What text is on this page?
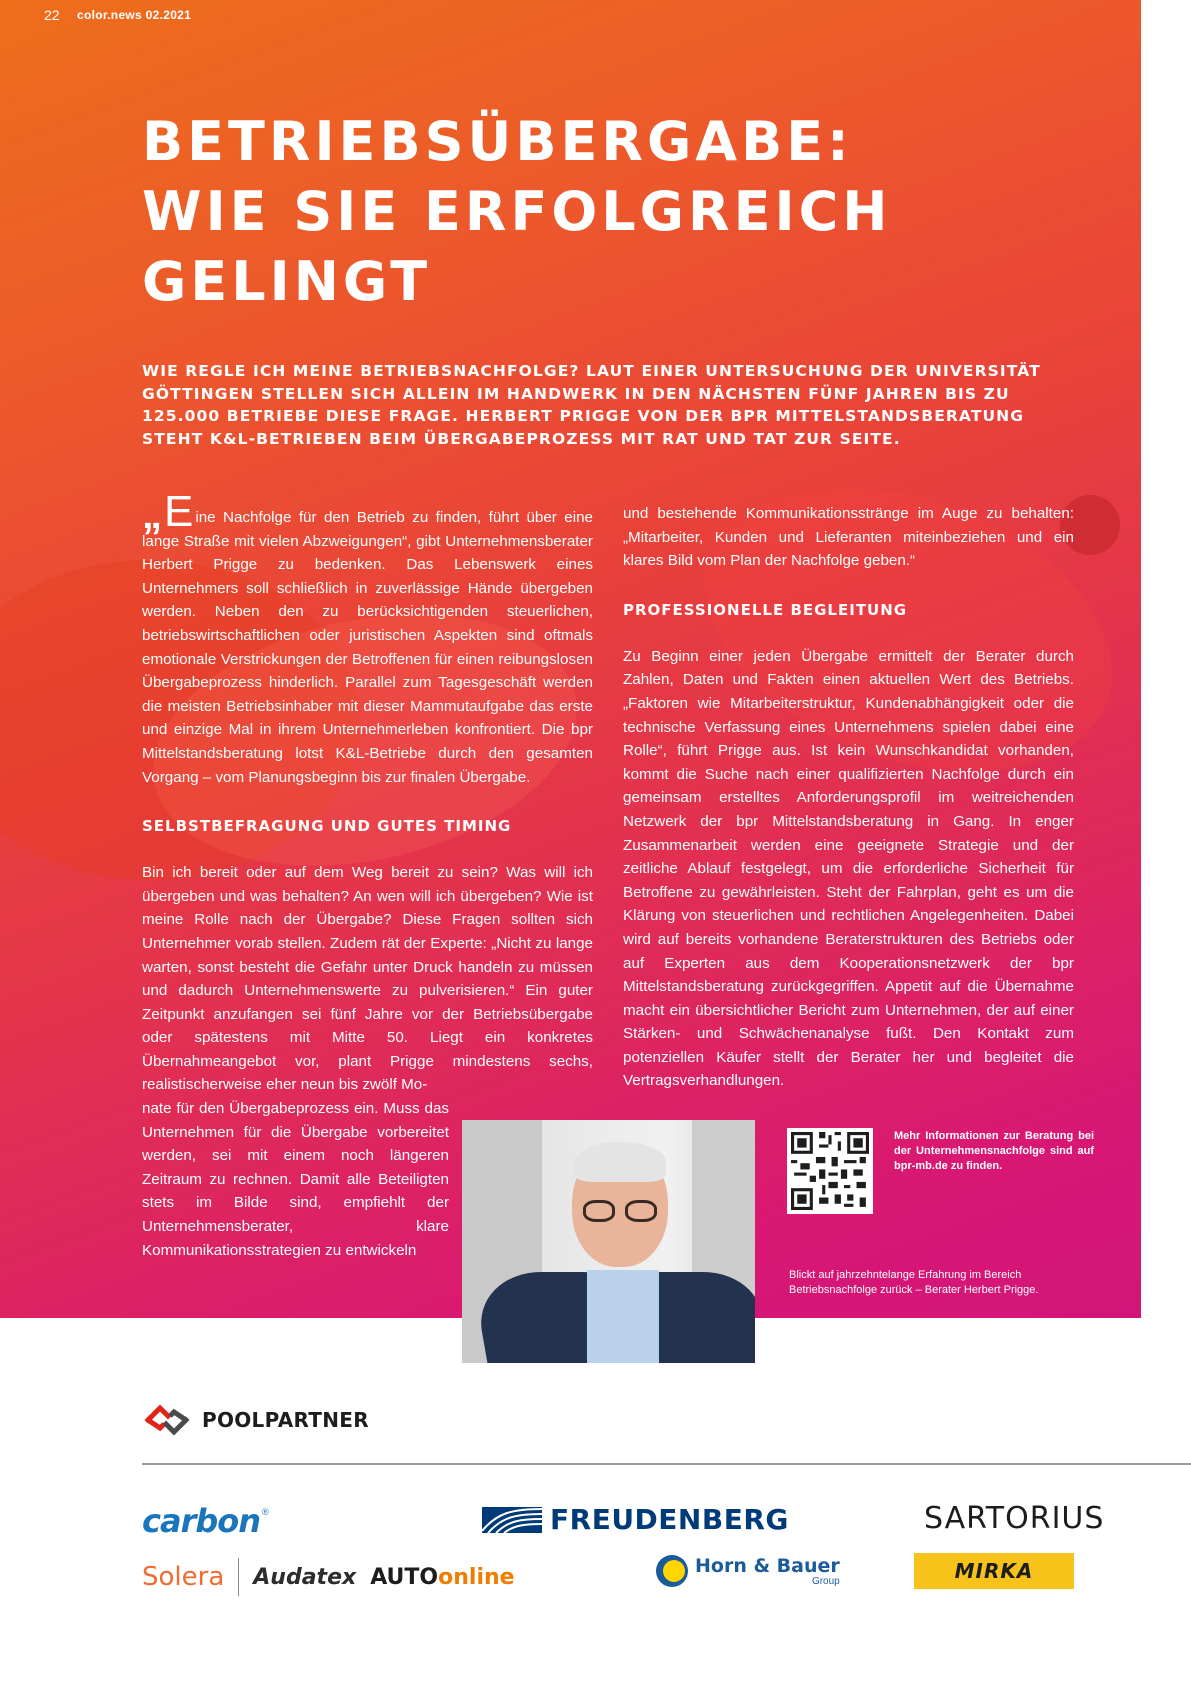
22 color.news 02.2021
BETRIEBSÜBERGABE:
WIE SIE ERFOLGREICH
GELINGT
WIE REGLE ICH MEINE BETRIEBSNACHFOLGE? LAUT EINER UNTERSUCHUNG DER UNIVERSITÄT GÖTTINGEN STELLEN SICH ALLEIN IM HANDWERK IN DEN NÄCHSTEN FÜNF JAHREN BIS ZU 125.000 BETRIEBE DIESE FRAGE. HERBERT PRIGGE VON DER BPR MITTELSTANDSBERATUNG STEHT K&L-BETRIEBEN BEIM ÜBERGABEPROZESS MIT RAT UND TAT ZUR SEITE.

„E ine Nachfolge für den Betrieb zu finden, führt über eine lange Straße mit vielen Abzweigungen“, gibt Unternehmensberater Herbert Prigge zu bedenken. Das Lebenswerk eines Unternehmers soll schließlich in zuverlässige Hände übergeben werden. Neben den zu berücksichtigenden steuerlichen, betriebswirtschaftlichen oder juristischen Aspekten sind oftmals emotionale Verstrickungen der Betroffenen für einen reibungslosen Übergabeprozess hinderlich. Parallel zum Tagesgeschäft werden die meisten Betriebsinhaber mit dieser Mammutaufgabe das erste und einzige Mal in ihrem Unternehmerleben konfrontiert. Die bpr Mittelstandsberatung lotst K&L-Betriebe durch den gesamten Vorgang – vom Planungsbeginn bis zur finalen Übergabe.

SELBSTBEFRAGUNG UND GUTES TIMING

Bin ich bereit oder auf dem Weg bereit zu sein? Was will ich übergeben und was behalten? An wen will ich übergeben? Wie ist meine Rolle nach der Übergabe? Diese Fragen sollten sich Unternehmer vorab stellen. Zudem rät der Experte: „Nicht zu lange warten, sonst besteht die Gefahr unter Druck handeln zu müssen und dadurch Unternehmenswerte zu pulverisieren.“ Ein guter Zeitpunkt anzufangen sei fünf Jahre vor der Betriebsübergabe oder spätestens mit Mitte 50. Liegt ein konkretes Übernahmeangebot vor, plant Prigge mindestens sechs, realistischerweise eher neun bis zwölf Mo-

nate für den Übergabeprozess ein. Muss das Unternehmen für die Übergabe vorbereitet werden, sei mit einem noch längeren Zeitraum zu rechnen. Damit alle Beteiligten stets im Bilde sind, empfiehlt der Unternehmensberater, klare Kommunikationsstrategien zu entwickeln

und bestehende Kommunikationsstränge im Auge zu behalten: „Mitarbeiter, Kunden und Lieferanten miteinbeziehen und ein klares Bild vom Plan der Nachfolge geben.“

PROFESSIONELLE BEGLEITUNG

Zu Beginn einer jeden Übergabe ermittelt der Berater durch Zahlen, Daten und Fakten einen aktuellen Wert des Betriebs. „Faktoren wie Mitarbeiterstruktur, Kundenabhängigkeit oder die technische Verfassung eines Unternehmens spielen dabei eine Rolle“, führt Prigge aus. Ist kein Wunschkandidat vorhanden, kommt die Suche nach einer qualifizierten Nachfolge durch ein gemeinsam erstelltes Anforderungsprofil im weitreichenden Netzwerk der bpr Mittelstandsberatung in Gang. In enger Zusammenarbeit werden eine geeignete Strategie und der zeitliche Ablauf festgelegt, um die erforderliche Sicherheit für Betroffene zu gewährleisten. Steht der Fahrplan, geht es um die Klärung von steuerlichen und rechtlichen Angelegenheiten. Dabei wird auf bereits vorhandene Beraterstrukturen des Betriebs oder auf Experten aus dem Kooperationsnetzwerk der bpr Mittelstandsberatung zurückgegriffen. Appetit auf die Übernahme macht ein übersichtlicher Bericht zum Unternehmen, der auf einer Stärken- und Schwächenanalyse fußt. Den Kontakt zum potenziellen Käufer stellt der Berater her und begleitet die Vertragsverhandlungen.

Mehr Informationen zur Beratung bei der Unternehmensnachfolge sind auf bpr-mb.de zu finden.
Blickt auf jahrzehntelange Erfahrung im Bereich Betriebsnachfolge zurück – Berater Herbert Prigge.
POOLPARTNER
carbon ®	FREUDENBERG	SARTORIUS
Solera Audatex AUTO online	Horn & Bauer
Group	MIRKA
